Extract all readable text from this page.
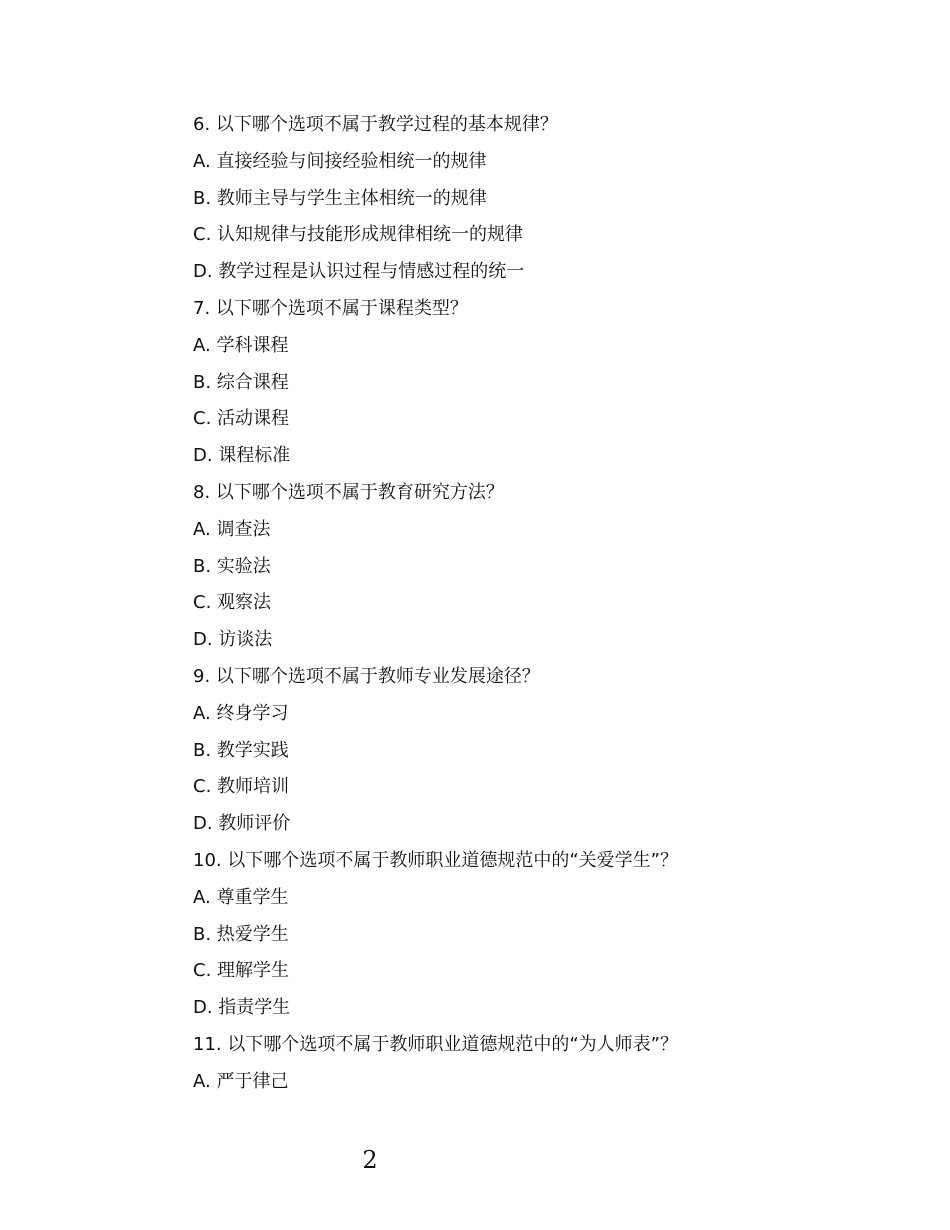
6. 以下哪个选项不属于教学过程的基本规律？
A. 直接经验与间接经验相统一的规律
B. 教师主导与学生主体相统一的规律
C. 认知规律与技能形成规律相统一的规律
D. 教学过程是认识过程与情感过程的统一
7. 以下哪个选项不属于课程类型？
A. 学科课程
B. 综合课程
C. 活动课程
D. 课程标准
8. 以下哪个选项不属于教育研究方法？
A. 调查法
B. 实验法
C. 观察法
D. 访谈法
9. 以下哪个选项不属于教师专业发展途径？
A. 终身学习
B. 教学实践
C. 教师培训
D. 教师评价
10. 以下哪个选项不属于教师职业道德规范中的“关爱学生”？
A. 尊重学生
B. 热爱学生
C. 理解学生
D. 指责学生
11. 以下哪个选项不属于教师职业道德规范中的“为人师表”？
A. 严于律己
2
